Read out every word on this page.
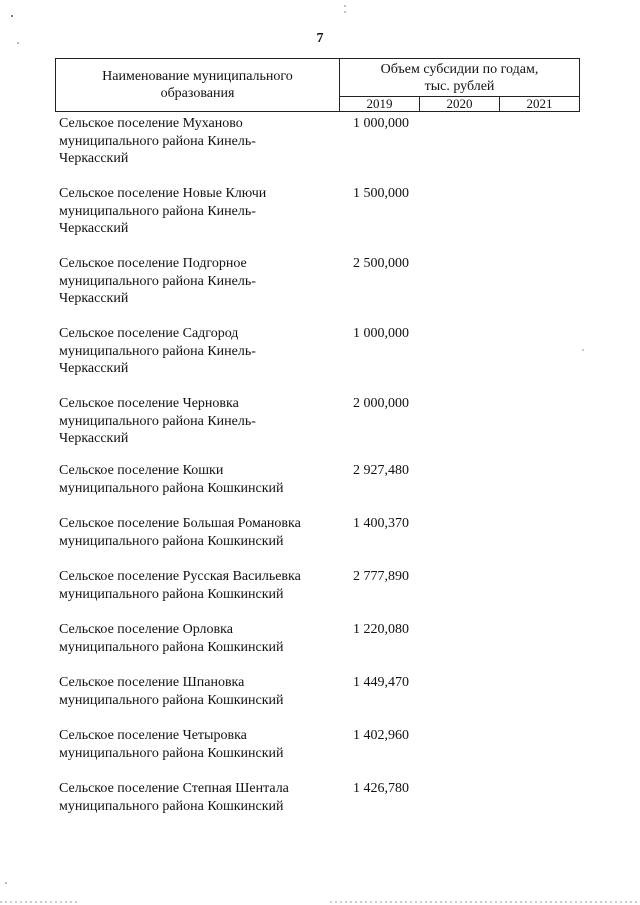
7
Наименование муниципального
образования
Объем субсидии по годам,
тыс. рублей
2019	2020	2021
Сельское поселение Муханово
муниципального района Кинель-
Черкасский
1 000,000
Сельское поселение Новые Ключи
муниципального района Кинель-
Черкасский
1 500,000
Сельское поселение Подгорное
муниципального района Кинель-
Черкасский
2 500,000
Сельское поселение Садгород
муниципального района Кинель-
Черкасский
1 000,000
Сельское поселение Черновка
муниципального района Кинель-
Черкасский
2 000,000
Сельское поселение Кошки
муниципального района Кошкинский
2 927,480
Сельское поселение Большая Романовка
муниципального района Кошкинский
1 400,370
Сельское поселение Русская Васильевка
муниципального района Кошкинский
2 777,890
Сельское поселение Орловка
муниципального района Кошкинский
1 220,080
Сельское поселение Шпановка
муниципального района Кошкинский
1 449,470
Сельское поселение Четыровка
муниципального района Кошкинский
1 402,960
Сельское поселение Степная Шентала
муниципального района Кошкинский
1 426,780
